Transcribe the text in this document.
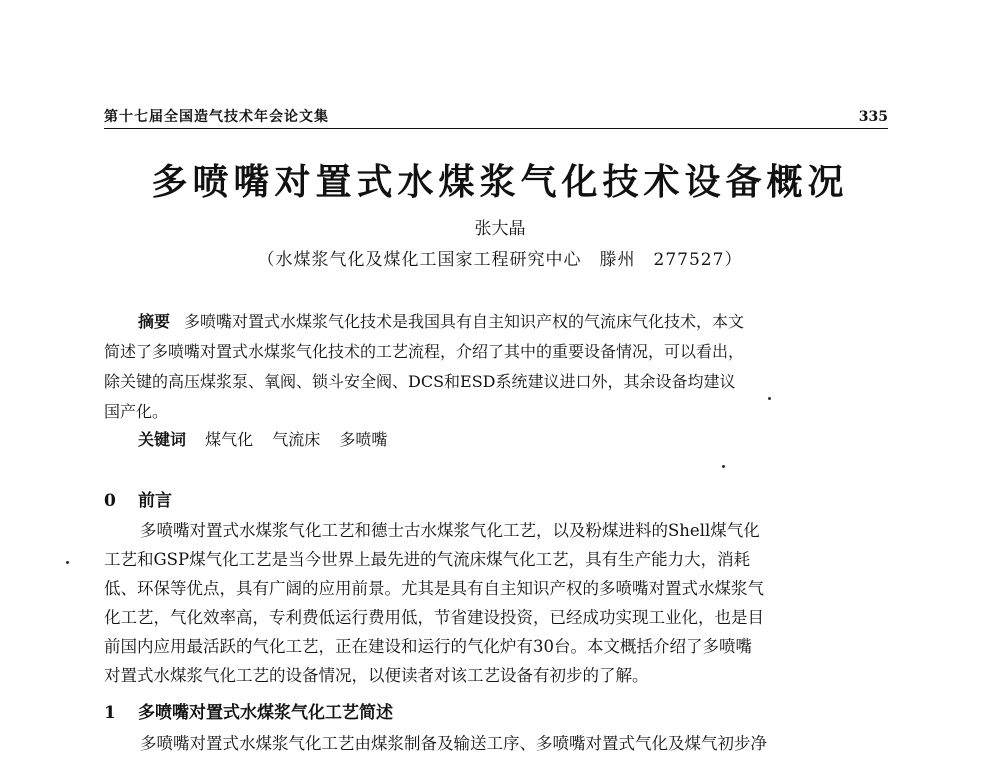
第十七届全国造气技术年会论文集	335
多喷嘴对置式水煤浆气化技术设备概况
张大晶
（水煤浆气化及煤化工国家工程研究中心　滕州　277527）
摘要 多喷嘴对置式水煤浆气化技术是我国具有自主知识产权的气流床气化技术，本文
简述了多喷嘴对置式水煤浆气化技术的工艺流程，介绍了其中的重要设备情况，可以看出，
除关键的高压煤浆泵、氧阀、锁斗安全阀、DCS和ESD系统建议进口外，其余设备均建议
国产化。
关键词 煤气化 气流床 多喷嘴
0 前言
多喷嘴对置式水煤浆气化工艺和德士古水煤浆气化工艺，以及粉煤进料的Shell煤气化
工艺和GSP煤气化工艺是当今世界上最先进的气流床煤气化工艺，具有生产能力大，消耗
低、环保等优点，具有广阔的应用前景。尤其是具有自主知识产权的多喷嘴对置式水煤浆气
化工艺，气化效率高，专利费低运行费用低，节省建设投资，已经成功实现工业化，也是目
前国内应用最活跃的气化工艺，正在建设和运行的气化炉有30台。本文概括介绍了多喷嘴
对置式水煤浆气化工艺的设备情况，以便读者对该工艺设备有初步的了解。
1 多喷嘴对置式水煤浆气化工艺简述
多喷嘴对置式水煤浆气化工艺由煤浆制备及输送工序、多喷嘴对置式气化及煤气初步净
